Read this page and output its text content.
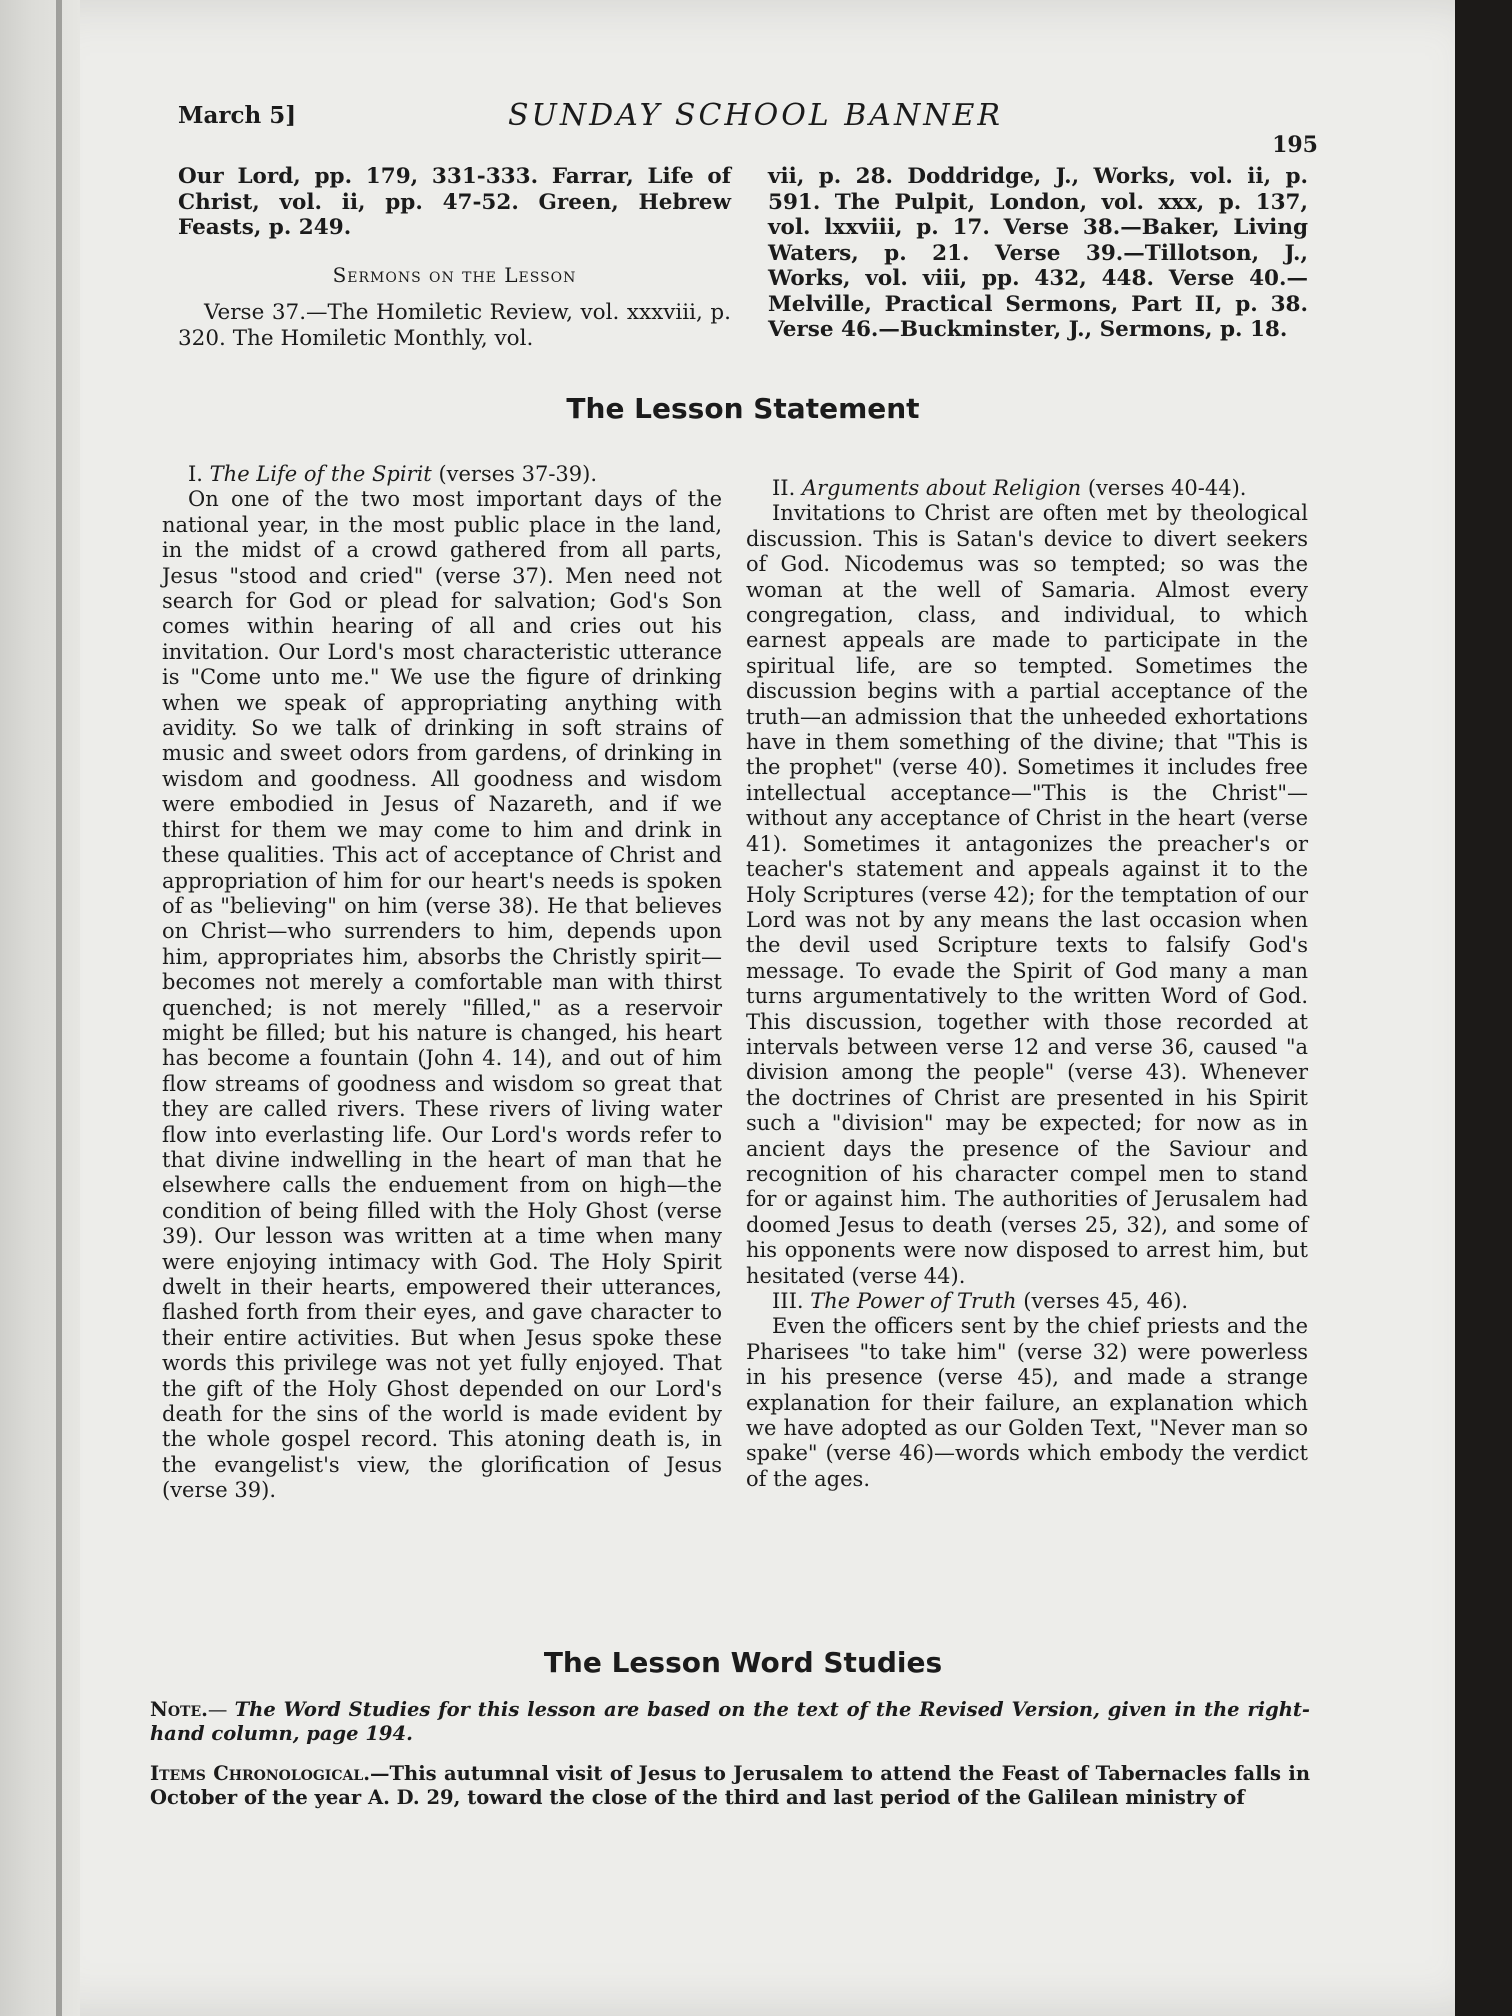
March 5]	SUNDAY SCHOOL BANNER
195

Our Lord, pp. 179, 331-333. Farrar, Life of Christ, vol. ii, pp. 47-52. Green, Hebrew Feasts, p. 249.

Sermons on the Lesson

Verse 37.—The Homiletic Review, vol. xxxviii, p. 320. The Homiletic Monthly, vol.

vii, p. 28. Doddridge, J., Works, vol. ii, p. 591. The Pulpit, London, vol. xxx, p. 137, vol. lxxviii, p. 17. Verse 38.—Baker, Living Waters, p. 21. Verse 39.—Tillotson, J., Works, vol. viii, pp. 432, 448. Verse 40.—Melville, Practical Sermons, Part II, p. 38. Verse 46.—Buckminster, J., Sermons, p. 18.

The Lesson Statement

I. The Life of the Spirit (verses 37-39).

On one of the two most important days of the national year, in the most public place in the land, in the midst of a crowd gathered from all parts, Jesus "stood and cried" (verse 37). Men need not search for God or plead for salvation; God's Son comes within hearing of all and cries out his invitation. Our Lord's most characteristic utterance is "Come unto me." We use the figure of drinking when we speak of appropriating anything with avidity. So we talk of drinking in soft strains of music and sweet odors from gardens, of drinking in wisdom and goodness. All goodness and wisdom were embodied in Jesus of Nazareth, and if we thirst for them we may come to him and drink in these qualities. This act of acceptance of Christ and appropriation of him for our heart's needs is spoken of as "believing" on him (verse 38). He that believes on Christ—who surrenders to him, depends upon him, appropriates him, absorbs the Christly spirit—becomes not merely a comfortable man with thirst quenched; is not merely "filled," as a reservoir might be filled; but his nature is changed, his heart has become a fountain (John 4. 14), and out of him flow streams of goodness and wisdom so great that they are called rivers. These rivers of living water flow into everlasting life. Our Lord's words refer to that divine indwelling in the heart of man that he elsewhere calls the enduement from on high—the condition of being filled with the Holy Ghost (verse 39). Our lesson was written at a time when many were enjoying intimacy with God. The Holy Spirit dwelt in their hearts, empowered their utterances, flashed forth from their eyes, and gave character to their entire activities. But when Jesus spoke these words this privilege was not yet fully enjoyed. That the gift of the Holy Ghost depended on our Lord's death for the sins of the world is made evident by the whole gospel record. This atoning death is, in the evangelist's view, the glorification of Jesus (verse 39).

II. Arguments about Religion (verses 40-44).

Invitations to Christ are often met by theological discussion. This is Satan's device to divert seekers of God. Nicodemus was so tempted; so was the woman at the well of Samaria. Almost every congregation, class, and individual, to which earnest appeals are made to participate in the spiritual life, are so tempted. Sometimes the discussion begins with a partial acceptance of the truth—an admission that the unheeded exhortations have in them something of the divine; that "This is the prophet" (verse 40). Sometimes it includes free intellectual acceptance—"This is the Christ"—without any acceptance of Christ in the heart (verse 41). Sometimes it antagonizes the preacher's or teacher's statement and appeals against it to the Holy Scriptures (verse 42); for the temptation of our Lord was not by any means the last occasion when the devil used Scripture texts to falsify God's message. To evade the Spirit of God many a man turns argumentatively to the written Word of God. This discussion, together with those recorded at intervals between verse 12 and verse 36, caused "a division among the people" (verse 43). Whenever the doctrines of Christ are presented in his Spirit such a "division" may be expected; for now as in ancient days the presence of the Saviour and recognition of his character compel men to stand for or against him. The authorities of Jerusalem had doomed Jesus to death (verses 25, 32), and some of his opponents were now disposed to arrest him, but hesitated (verse 44).

III. The Power of Truth (verses 45, 46).

Even the officers sent by the chief priests and the Pharisees "to take him" (verse 32) were powerless in his presence (verse 45), and made a strange explanation for their failure, an explanation which we have adopted as our Golden Text, "Never man so spake" (verse 46)—words which embody the verdict of the ages.

The Lesson Word Studies
Note.— The Word Studies for this lesson are based on the text of the Revised Version, given in the right-hand column, page 194.
Items Chronological.—This autumnal visit of Jesus to Jerusalem to attend the Feast of Tabernacles falls in October of the year A. D. 29, toward the close of the third and last period of the Galilean ministry of
